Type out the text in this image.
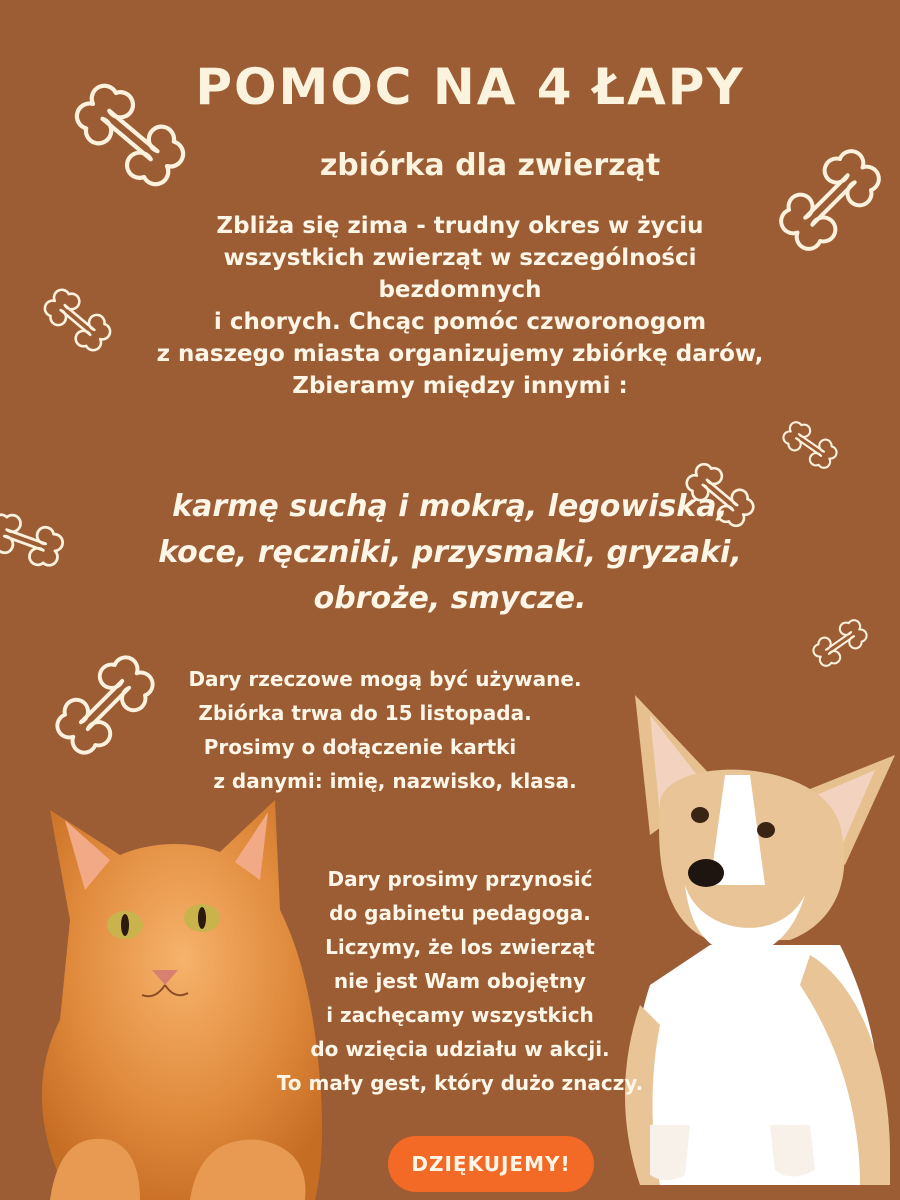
POMOC NA 4 ŁAPY
zbiórka dla zwierząt
Zbliża się zima - trudny okres w życiu
wszystkich zwierząt w szczególności
bezdomnych
i chorych. Chcąc pomóc czworonogom
z naszego miasta organizujemy zbiórkę darów,
Zbieramy między innymi :
karmę suchą i mokrą, legowiska,
koce, ręczniki, przysmaki, gryzaki,
obroże, smycze.
Dary rzeczowe mogą być używane.
Zbiórka trwa do 15 listopada.
Prosimy o dołączenie kartki
z danymi: imię, nazwisko, klasa.
Dary prosimy przynosić
do gabinetu pedagoga.
Liczymy, że los zwierząt
nie jest Wam obojętny
i zachęcamy wszystkich
do wzięcia udziału w akcji.
To mały gest, który dużo znaczy.
DZIĘKUJEMY!
